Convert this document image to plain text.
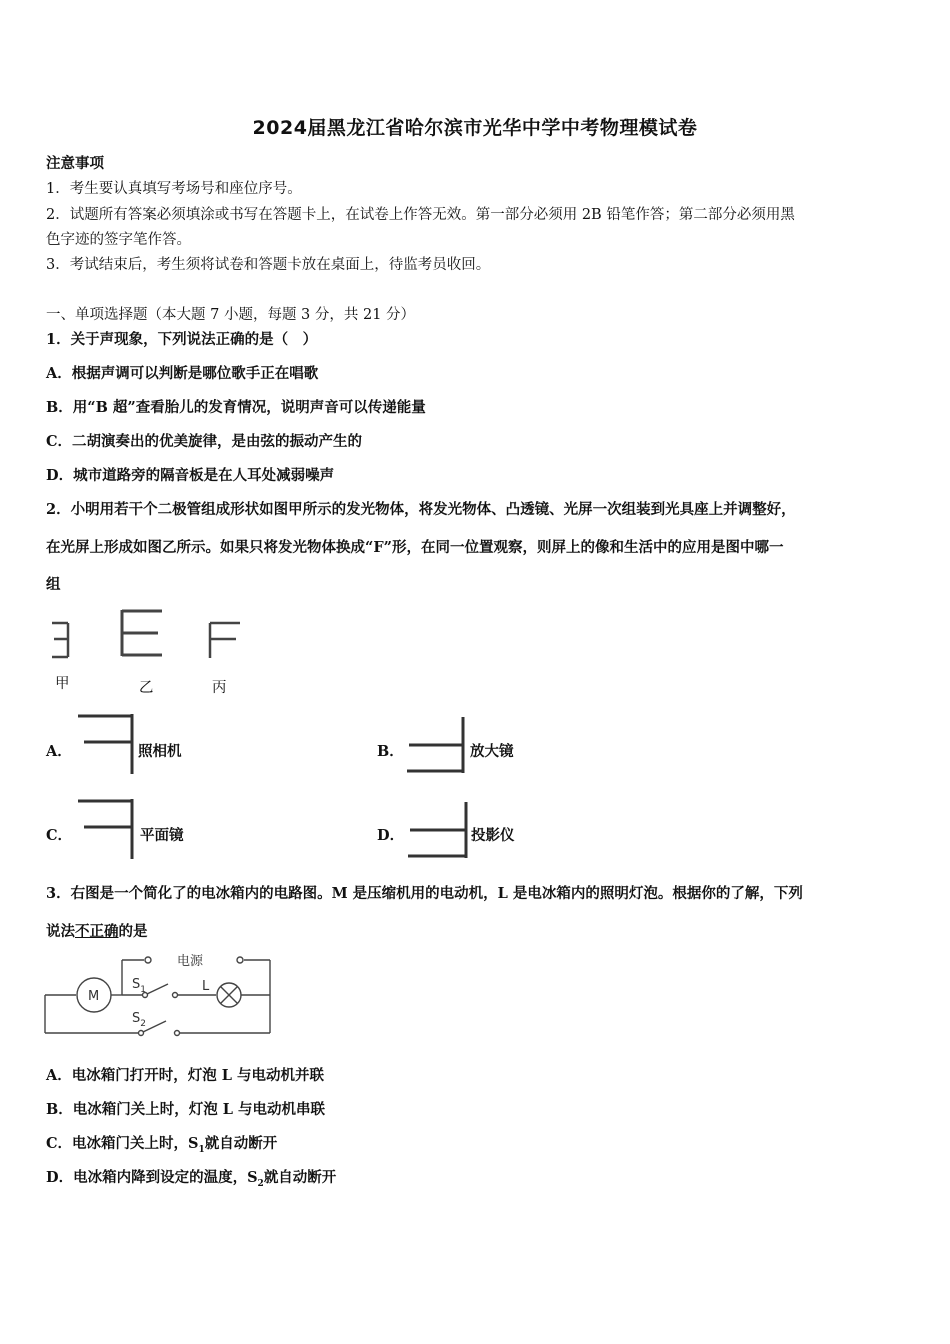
2024届黑龙江省哈尔滨市光华中学中考物理模试卷
注意事项
1．考生要认真填写考场号和座位序号。
2．试题所有答案必须填涂或书写在答题卡上，在试卷上作答无效。第一部分必须用 2B 铅笔作答；第二部分必须用黑
色字迹的签字笔作答。
3．考试结束后，考生须将试卷和答题卡放在桌面上，待监考员收回。
一、单项选择题（本大题 7 小题，每题 3 分，共 21 分）
1．关于声现象，下列说法正确的是（　）
A．根据声调可以判断是哪位歌手正在唱歌
B．用“B 超”查看胎儿的发育情况，说明声音可以传递能量
C．二胡演奏出的优美旋律，是由弦的振动产生的
D．城市道路旁的隔音板是在人耳处减弱噪声
2．小明用若干个二极管组成形状如图甲所示的发光物体，将发光物体、凸透镜、光屏一次组装到光具座上并调整好，
在光屏上形成如图乙所示。如果只将发光物体换成“F”形，在同一位置观察，则屏上的像和生活中的应用是图中哪一
组
甲	乙	丙
A．	照相机	B．	放大镜
C．	平面镜	D．	投影仪
3．右图是一个简化了的电冰箱内的电路图。M 是压缩机用的电动机，L 是电冰箱内的照明灯泡。根据你的了解，下列
说法不正确的是
电源
M
L
$S_1$
$S_2$
A．电冰箱门打开时，灯泡 L 与电动机并联
B．电冰箱门关上时，灯泡 L 与电动机串联
C．电冰箱门关上时，$S_1$就自动断开
D．电冰箱内降到设定的温度，$S_2$就自动断开
